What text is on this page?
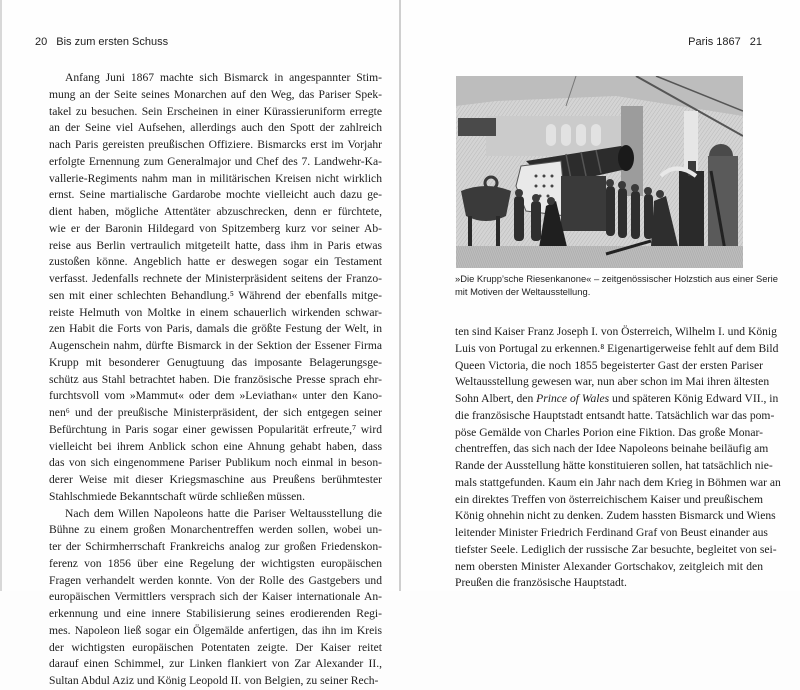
20 Bis zum ersten Schuss

Anfang Juni 1867 machte sich Bismarck in angespannter Stim-
mung an der Seite seines Monarchen auf den Weg, das Pariser Spek-
takel zu besuchen. Sein Erscheinen in einer Kürassieruniform erregte
an der Seine viel Aufsehen, allerdings auch den Spott der zahlreich
nach Paris gereisten preußischen Offiziere. Bismarcks erst im Vorjahr
erfolgte Ernennung zum Generalmajor und Chef des 7. Landwehr-Ka-
vallerie-Regiments nahm man in militärischen Kreisen nicht wirklich
ernst. Seine martialische Gardarobe mochte vielleicht auch dazu ge-
dient haben, mögliche Attentäter abzuschrecken, denn er fürchtete,
wie er der Baronin Hildegard von Spitzemberg kurz vor seiner Ab-
reise aus Berlin vertraulich mitgeteilt hatte, dass ihm in Paris etwas
zustoßen könne. Angeblich hatte er deswegen sogar ein Testament
verfasst. Jedenfalls rechnete der Ministerpräsident seitens der Franzo-
sen mit einer schlechten Behandlung.⁵ Während der ebenfalls mitge-
reiste Helmuth von Moltke in einem schauerlich wirkenden schwar-
zen Habit die Forts von Paris, damals die größte Festung der Welt, in
Augenschein nahm, dürfte Bismarck in der Sektion der Essener Firma
Krupp mit besonderer Genugtuung das imposante Belagerungsge-
schütz aus Stahl betrachtet haben. Die französische Presse sprach ehr-
furchtsvoll vom »Mammut« oder dem »Leviathan« unter den Kano-
nen⁶ und der preußische Ministerpräsident, der sich entgegen seiner
Befürchtung in Paris sogar einer gewissen Popularität erfreute,⁷ wird
vielleicht bei ihrem Anblick schon eine Ahnung gehabt haben, dass
das von sich eingenommene Pariser Publikum noch einmal in beson-
derer Weise mit dieser Kriegsmaschine aus Preußens berühmtester
Stahlschmiede Bekanntschaft würde schließen müssen.

Nach dem Willen Napoleons hatte die Pariser Weltausstellung die
Bühne zu einem großen Monarchentreffen werden sollen, wobei un-
ter der Schirmherrschaft Frankreichs analog zur großen Friedenskon-
ferenz von 1856 über eine Regelung der wichtigsten europäischen
Fragen verhandelt werden konnte. Von der Rolle des Gastgebers und
europäischen Vermittlers versprach sich der Kaiser internationale An-
erkennung und eine innere Stabilisierung seines erodierenden Regi-
mes. Napoleon ließ sogar ein Ölgemälde anfertigen, das ihn im Kreis
der wichtigsten europäischen Potentaten zeigte. Der Kaiser reitet
darauf einen Schimmel, zur Linken flankiert von Zar Alexander II.,
Sultan Abdul Aziz und König Leopold II. von Belgien, zu seiner Rech-

Paris 1867 21
»Die Krupp’sche Riesenkanone« – zeitgenössischer Holzstich aus einer Serie
mit Motiven der Weltausstellung.

ten sind Kaiser Franz Joseph I. von Österreich, Wilhelm I. und König
Luis von Portugal zu erkennen.⁸ Eigenartigerweise fehlt auf dem Bild
Queen Victoria, die noch 1855 begeisterter Gast der ersten Pariser
Weltausstellung gewesen war, nun aber schon im Mai ihren ältesten
Sohn Albert, den Prince of Wales und späteren König Edward VII., in
die französische Hauptstadt entsandt hatte. Tatsächlich war das pom-
pöse Gemälde von Charles Porion eine Fiktion. Das große Monar-
chentreffen, das sich nach der Idee Napoleons beinahe beiläufig am
Rande der Ausstellung hätte konstituieren sollen, hat tatsächlich nie-
mals stattgefunden. Kaum ein Jahr nach dem Krieg in Böhmen war an
ein direktes Treffen von österreichischem Kaiser und preußischem
König ohnehin nicht zu denken. Zudem hassten Bismarck und Wiens
leitender Minister Friedrich Ferdinand Graf von Beust einander aus
tiefster Seele. Lediglich der russische Zar besuchte, begleitet von sei-
nem obersten Minister Alexander Gortschakov, zeitgleich mit den
Preußen die französische Hauptstadt.
